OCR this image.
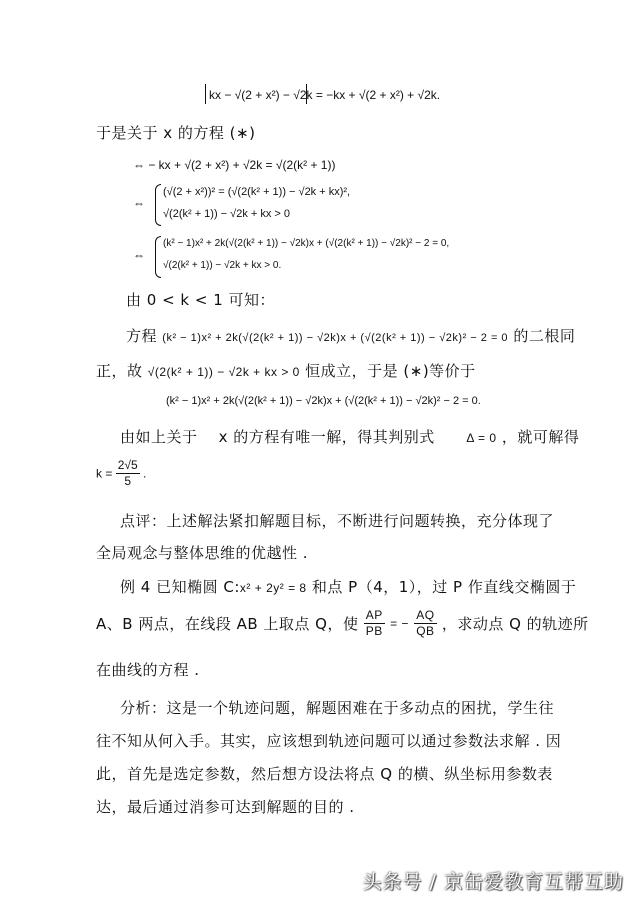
kx − √(2 + x²) − √2k = −kx + √(2 + x²) + √2k.
于是关于 x 的方程 (∗)
⇔ − kx + √(2 + x²) + √2k = √(2(k² + 1))
⇔
(√(2 + x²))² = (√(2(k² + 1)) − √2k + kx)²,
√(2(k² + 1)) − √2k + kx > 0
⇔
(k² − 1)x² + 2k(√(2(k² + 1)) − √2k)x + (√(2(k² + 1)) − √2k)² − 2 = 0,
√(2(k² + 1)) − √2k + kx > 0.
由 0 < k < 1 可知：
方程 (k² − 1)x² + 2k(√(2(k² + 1)) − √2k)x + (√(2(k² + 1)) − √2k)² − 2 = 0 的二根同
正，故 √(2(k² + 1)) − √2k + kx > 0 恒成立，于是 (∗)等价于
(k² − 1)x² + 2k(√(2(k² + 1)) − √2k)x + (√(2(k² + 1)) − √2k)² − 2 = 0.
由如上关于 x 的方程有唯一解，得其判别式	Δ = 0 ，就可解得
$k = \frac{2√5}{5}$ .
点评：上述解法紧扣解题目标，不断进行问题转换，充分体现了
全局观念与整体思维的优越性 .
例 4 已知椭圆 C:x² + 2y² = 8 和点 P（4，1），过 P 作直线交椭圆于
A、B 两点，在线段 AB 上取点 Q，使 $\frac{AP}{PB}$ = − $\frac{AQ}{QB}$ ，求动点 Q 的轨迹所
在曲线的方程 .
分析：这是一个轨迹问题，解题困难在于多动点的困扰，学生往
往不知从何入手。其实，应该想到轨迹问题可以通过参数法求解 . 因
此，首先是选定参数，然后想方设法将点 Q 的横、纵坐标用参数表
达，最后通过消参可达到解题的目的 .
头条号 / 京缶爱教育互帮互助
